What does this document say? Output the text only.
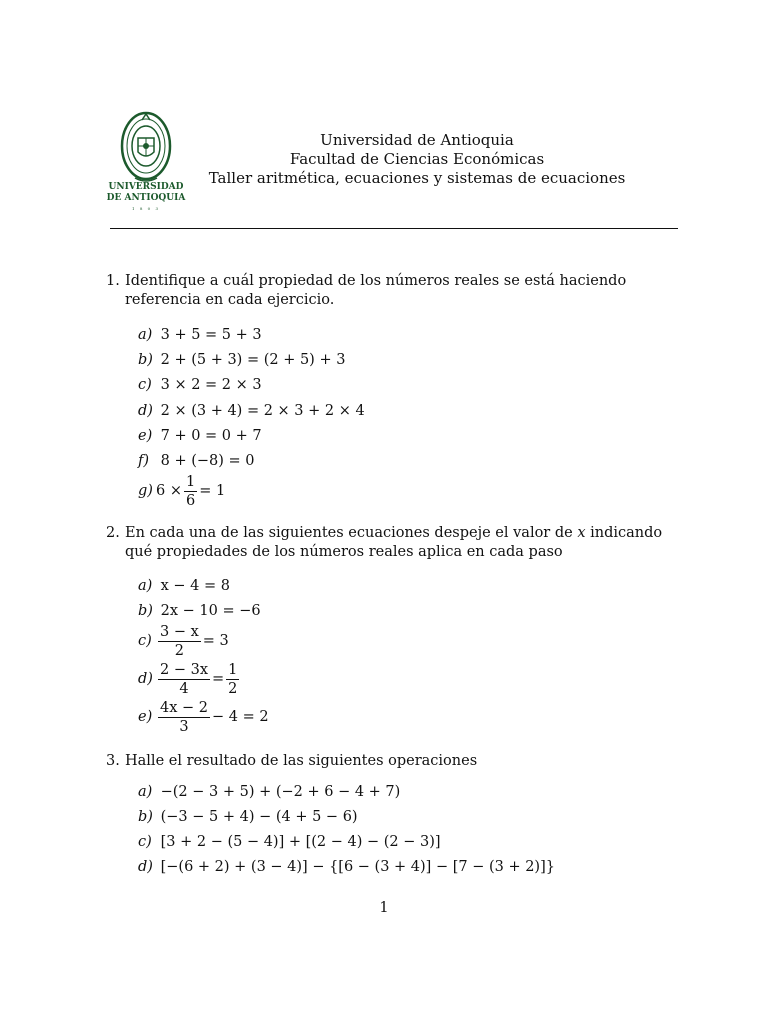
UNIVERSIDAD
DE ANTIOQUIA
1 8 0 3
Universidad de Antioquia
Facultad de Ciencias Económicas
Taller aritmética, ecuaciones y sistemas de ecuaciones
1. Identifique a cuál propiedad de los números reales se está haciendo referencia en cada ejercicio.
a) 3 + 5 = 5 + 3
b) 2 + (5 + 3) = (2 + 5) + 3
c) 3 × 2 = 2 × 3
d) 2 × (3 + 4) = 2 × 3 + 2 × 4
e) 7 + 0 = 0 + 7
f) 8 + (−8) = 0
g) $6 \times \frac{1}{6} = 1$
2. En cada una de las siguientes ecuaciones despeje el valor de x indicando qué propiedades de los números reales aplica en cada paso
a) x − 4 = 8
b) 2x − 10 = −6
$c) \frac{3 - x}{2} = 3$
$d) \frac{2 - 3x}{4} = \frac{1}{2}$
$e) \frac{4x - 2}{3} - 4 = 2$
3. Halle el resultado de las siguientes operaciones
a) −(2 − 3 + 5) + (−2 + 6 − 4 + 7)
b) (−3 − 5 + 4) − (4 + 5 − 6)
c) [3 + 2 − (5 − 4)] + [(2 − 4) − (2 − 3)]
d) [−(6 + 2) + (3 − 4)] − {[6 − (3 + 4)] − [7 − (3 + 2)]}
1
